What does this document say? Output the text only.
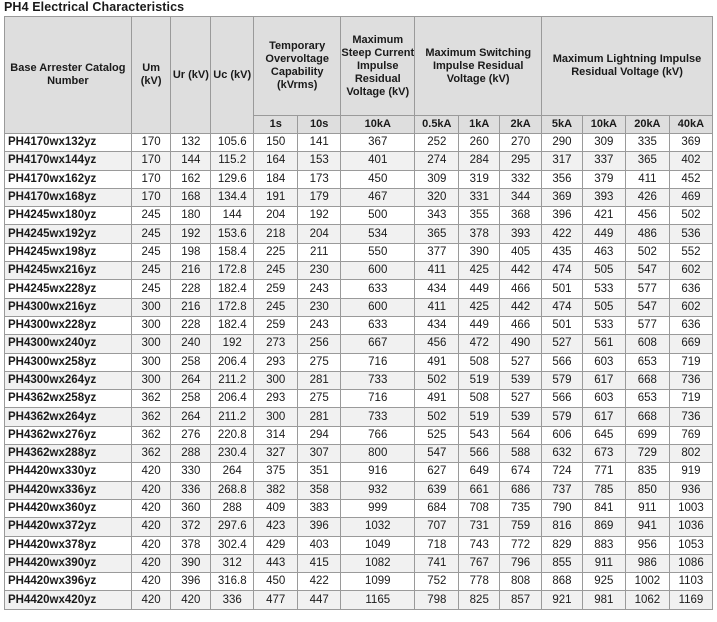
PH4 Electrical Characteristics
Base Arrester Catalog Number	Um (kV)	Ur (kV)	Uc (kV)	Temporary Overvoltage Capability (kVrms)		Maximum Steep Current Impulse Residual Voltage (kV)	Maximum Switching Impulse Residual Voltage (kV)			Maximum Lightning Impulse Residual Voltage (kV)			
				1s	10s	10kA	0.5kA	1kA	2kA	5kA	10kA	20kA	40kA
PH4170wx132yz	170	132	105.6	150	141	367	252	260	270	290	309	335	369
PH4170wx144yz	170	144	115.2	164	153	401	274	284	295	317	337	365	402
PH4170wx162yz	170	162	129.6	184	173	450	309	319	332	356	379	411	452
PH4170wx168yz	170	168	134.4	191	179	467	320	331	344	369	393	426	469
PH4245wx180yz	245	180	144	204	192	500	343	355	368	396	421	456	502
PH4245wx192yz	245	192	153.6	218	204	534	365	378	393	422	449	486	536
PH4245wx198yz	245	198	158.4	225	211	550	377	390	405	435	463	502	552
PH4245wx216yz	245	216	172.8	245	230	600	411	425	442	474	505	547	602
PH4245wx228yz	245	228	182.4	259	243	633	434	449	466	501	533	577	636
PH4300wx216yz	300	216	172.8	245	230	600	411	425	442	474	505	547	602
PH4300wx228yz	300	228	182.4	259	243	633	434	449	466	501	533	577	636
PH4300wx240yz	300	240	192	273	256	667	456	472	490	527	561	608	669
PH4300wx258yz	300	258	206.4	293	275	716	491	508	527	566	603	653	719
PH4300wx264yz	300	264	211.2	300	281	733	502	519	539	579	617	668	736
PH4362wx258yz	362	258	206.4	293	275	716	491	508	527	566	603	653	719
PH4362wx264yz	362	264	211.2	300	281	733	502	519	539	579	617	668	736
PH4362wx276yz	362	276	220.8	314	294	766	525	543	564	606	645	699	769
PH4362wx288yz	362	288	230.4	327	307	800	547	566	588	632	673	729	802
PH4420wx330yz	420	330	264	375	351	916	627	649	674	724	771	835	919
PH4420wx336yz	420	336	268.8	382	358	932	639	661	686	737	785	850	936
PH4420wx360yz	420	360	288	409	383	999	684	708	735	790	841	911	1003
PH4420wx372yz	420	372	297.6	423	396	1032	707	731	759	816	869	941	1036
PH4420wx378yz	420	378	302.4	429	403	1049	718	743	772	829	883	956	1053
PH4420wx390yz	420	390	312	443	415	1082	741	767	796	855	911	986	1086
PH4420wx396yz	420	396	316.8	450	422	1099	752	778	808	868	925	1002	1103
PH4420wx420yz	420	420	336	477	447	1165	798	825	857	921	981	1062	1169
